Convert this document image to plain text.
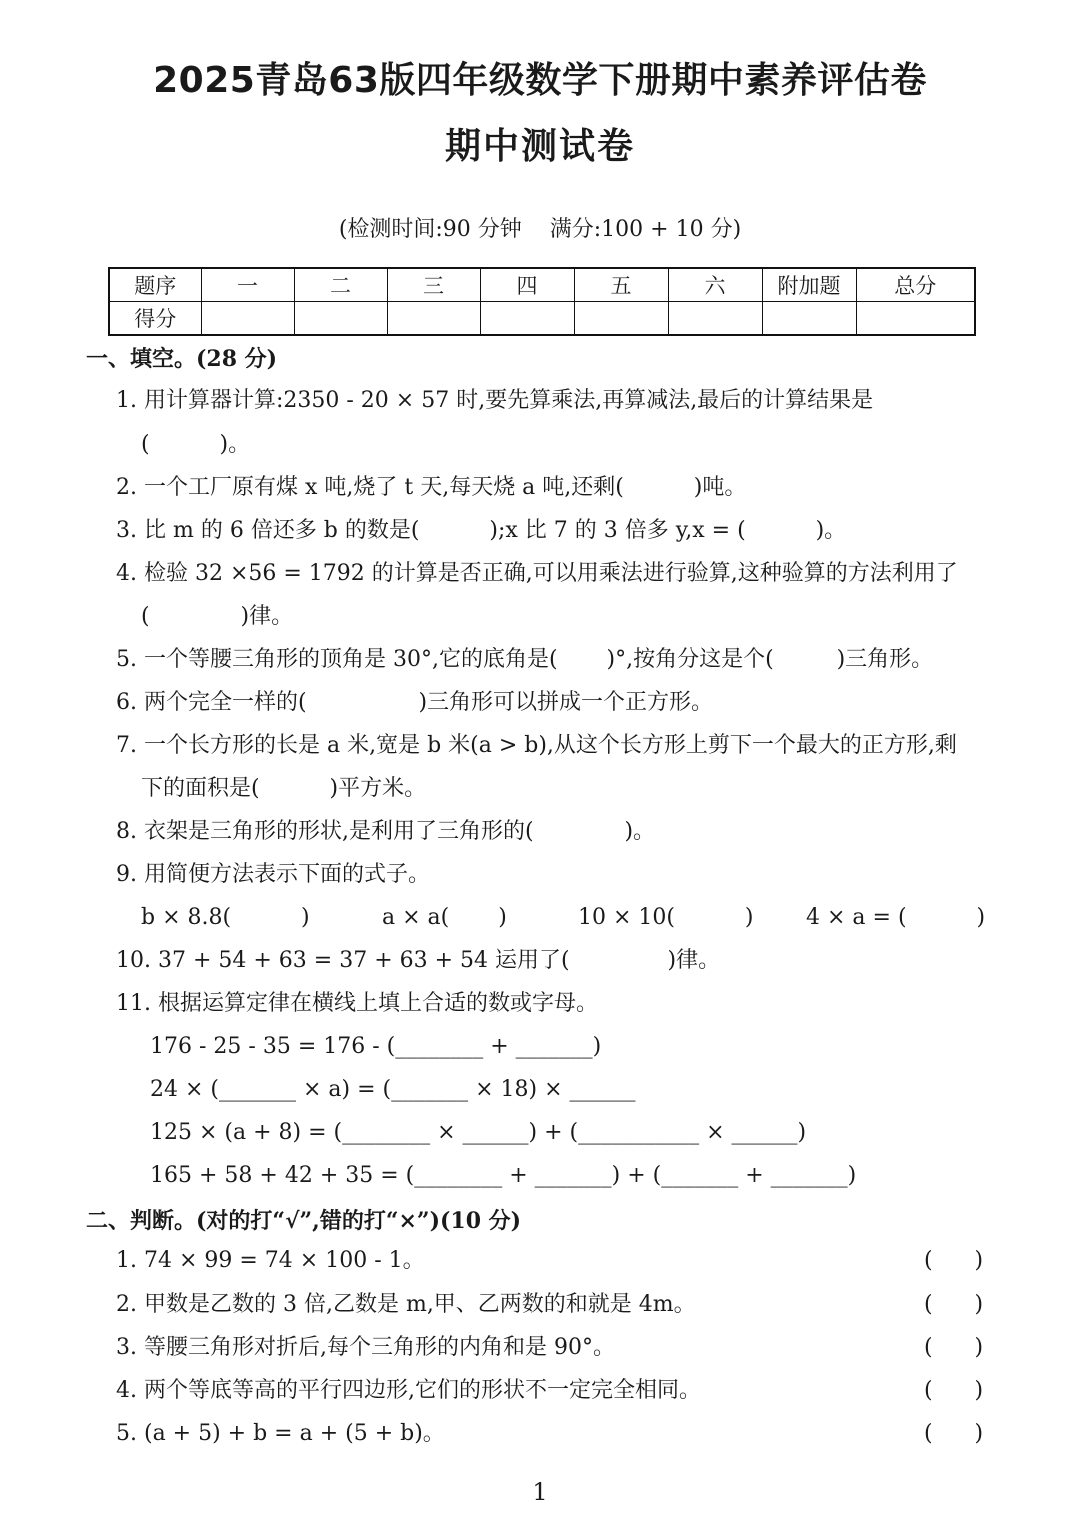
2025青岛63版四年级数学下册期中素养评估卷
期中测试卷
(检测时间:90 分钟    满分:100 + 10 分)
题序	一	二	三	四	五	六	附加题	总分
得分								
一、填空。(28 分)
1. 用计算器计算:2350 - 20 × 57 时,要先算乘法,再算减法,最后的计算结果是
(          )。
2. 一个工厂原有煤 x 吨,烧了 t 天,每天烧 a 吨,还剩(          )吨。
3. 比 m 的 6 倍还多 b 的数是(          );x 比 7 的 3 倍多 y,x = (          )。
4. 检验 32 ×56 = 1792 的计算是否正确,可以用乘法进行验算,这种验算的方法利用了
(             )律。
5. 一个等腰三角形的顶角是 30°,它的底角是(       )°,按角分这是个(         )三角形。
6. 两个完全一样的(                )三角形可以拼成一个正方形。
7. 一个长方形的长是 a 米,宽是 b 米(a > b),从这个长方形上剪下一个最大的正方形,剩
下的面积是(          )平方米。
8. 衣架是三角形的形状,是利用了三角形的(             )。
9. 用简便方法表示下面的式子。
b × 8.8(          )	a × a(       )	10 × 10(          ) 4 × a = (          )
10. 37 + 54 + 63 = 37 + 63 + 54 运用了(              )律。
11. 根据运算定律在横线上填上合适的数或字母。
176 - 25 - 35 = 176 - (________ + _______)
24 × (_______ × a) = (_______ × 18) × ______
125 × (a + 8) = (________ × ______) + (___________ × ______)
165 + 58 + 42 + 35 = (________ + _______) + (_______ + _______)
二、判断。(对的打“√”,错的打“×”)(10 分)
1. 74 × 99 = 74 × 100 - 1。	(      )
2. 甲数是乙数的 3 倍,乙数是 m,甲、乙两数的和就是 4m。	(      )
3. 等腰三角形对折后,每个三角形的内角和是 90°。	(      )
4. 两个等底等高的平行四边形,它们的形状不一定完全相同。	(      )
5. (a + 5) + b = a + (5 + b)。	(      )
1
